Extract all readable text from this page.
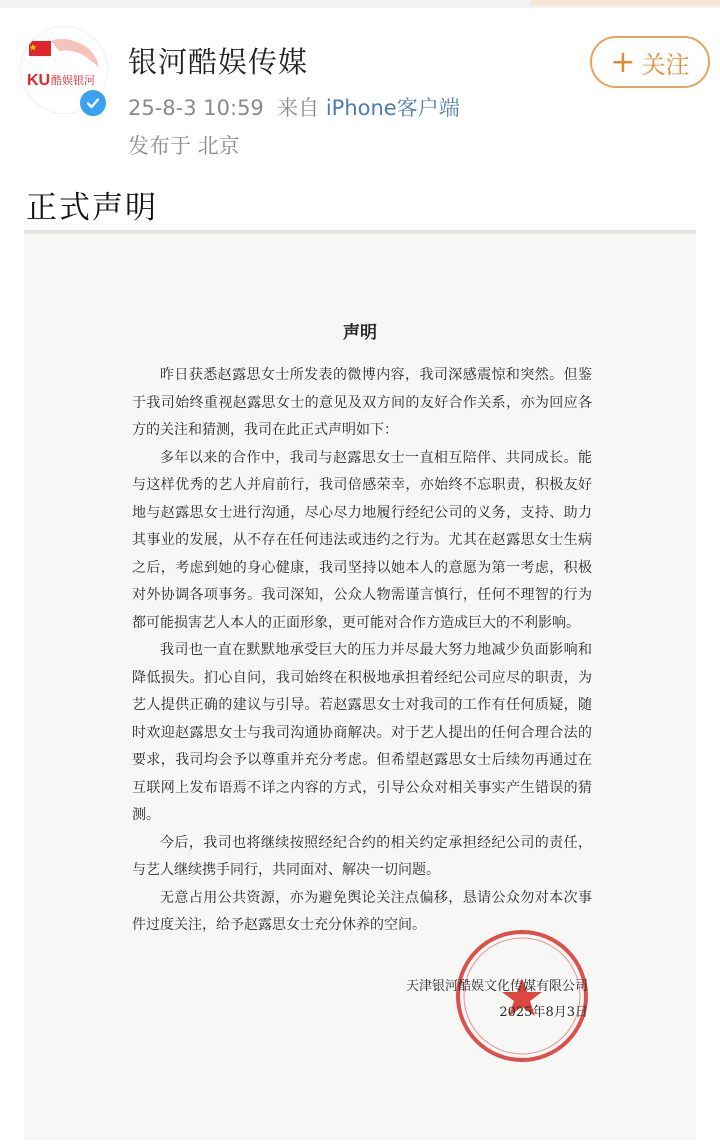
KU 酷娱银河
银河酷娱传媒
25-8-3 10:59 来自 iPhone客户端
发布于 北京
+ 关注
正式声明
声明

昨日获悉赵露思女士所发表的微博内容，我司深感震惊和突然。但鉴于我司始终重视赵露思女士的意见及双方间的友好合作关系，亦为回应各方的关注和猜测，我司在此正式声明如下：

多年以来的合作中，我司与赵露思女士一直相互陪伴、共同成长。能与这样优秀的艺人并肩前行，我司倍感荣幸，亦始终不忘职责，积极友好地与赵露思女士进行沟通，尽心尽力地履行经纪公司的义务，支持、助力其事业的发展，从不存在任何违法或违约之行为。尤其在赵露思女士生病之后，考虑到她的身心健康，我司坚持以她本人的意愿为第一考虑，积极对外协调各项事务。我司深知，公众人物需谨言慎行，任何不理智的行为都可能损害艺人本人的正面形象，更可能对合作方造成巨大的不利影响。

我司也一直在默默地承受巨大的压力并尽最大努力地减少负面影响和降低损失。扪心自问，我司始终在积极地承担着经纪公司应尽的职责，为艺人提供正确的建议与引导。若赵露思女士对我司的工作有任何质疑，随时欢迎赵露思女士与我司沟通协商解决。对于艺人提出的任何合理合法的要求，我司均会予以尊重并充分考虑。但希望赵露思女士后续勿再通过在互联网上发布语焉不详之内容的方式，引导公众对相关事实产生错误的猜测。

今后，我司也将继续按照经纪合约的相关约定承担经纪公司的责任，与艺人继续携手同行，共同面对、解决一切问题。

无意占用公共资源，亦为避免舆论关注点偏移，恳请公众勿对本次事件过度关注，给予赵露思女士充分休养的空间。

天津银河酷娱文化传媒有限公司
2025年8月3日
